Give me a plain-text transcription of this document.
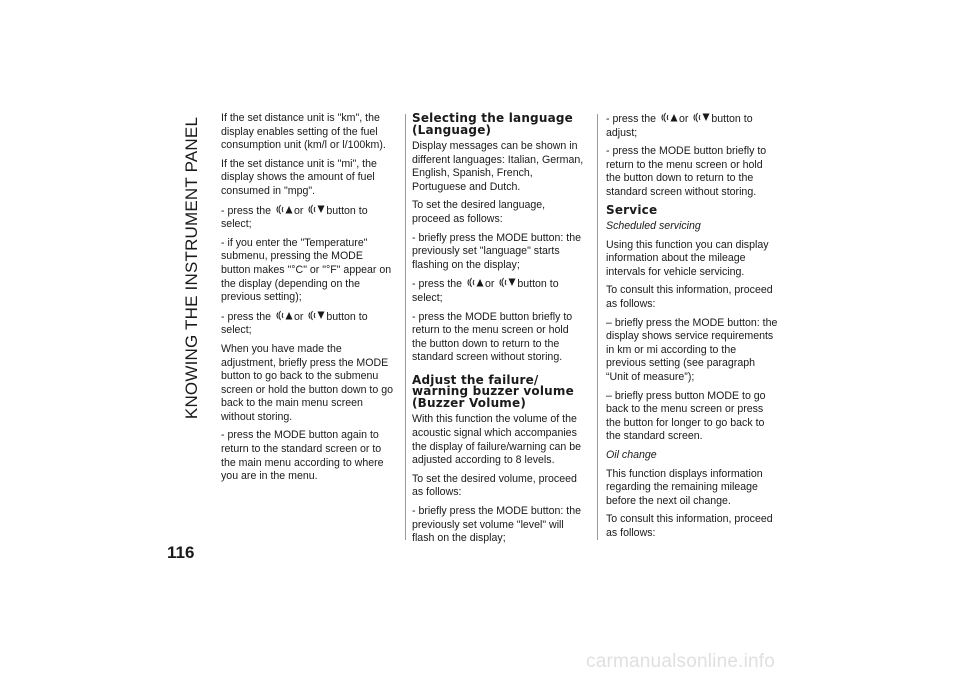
KNOWING THE INSTRUMENT PANEL If the set distance unit is "km", the display enables setting of the fuel consumption unit (km/l or l/100km).

If the set distance unit is "mi", the display shows the amount of fuel consumed in "mpg".

- press the or button to select;

- if you enter the "Temperature" submenu, pressing the MODE button makes "°C" or "°F" appear on the display (depending on the previous setting);

- press the or button to select;

When you have made the adjustment, briefly press the MODE button to go back to the submenu screen or hold the button down to go back to the main menu screen without storing.

- press the MODE button again to return to the standard screen or to the main menu according to where you are in the menu.

Selecting the language (Language)

Display messages can be shown in different languages: Italian, German, English, Spanish, French, Portuguese and Dutch.

To set the desired language, proceed as follows:

- briefly press the MODE button: the previously set "language" starts flashing on the display;

- press the or button to select;

- press the MODE button briefly to return to the menu screen or hold the button down to return to the standard screen without storing.

Adjust the failure/ warning buzzer volume (Buzzer Volume)

With this function the volume of the acoustic signal which accompanies the display of failure/warning can be adjusted according to 8 levels.

To set the desired volume, proceed as follows:

- briefly press the MODE button: the previously set volume "level" will flash on the display;

- press the or button to adjust;

- press the MODE button briefly to return to the menu screen or hold the button down to return to the standard screen without storing.

Service

Scheduled servicing

Using this function you can display information about the mileage intervals for vehicle servicing.

To consult this information, proceed as follows:

– briefly press the MODE button: the display shows service requirements in km or mi according to the previous setting (see paragraph “Unit of measure”);

– briefly press button MODE to go back to the menu screen or press the button for longer to go back to the standard screen.

Oil change

This function displays information regarding the remaining mileage before the next oil change.

To consult this information, proceed as follows:

116
carmanualsonline.info
